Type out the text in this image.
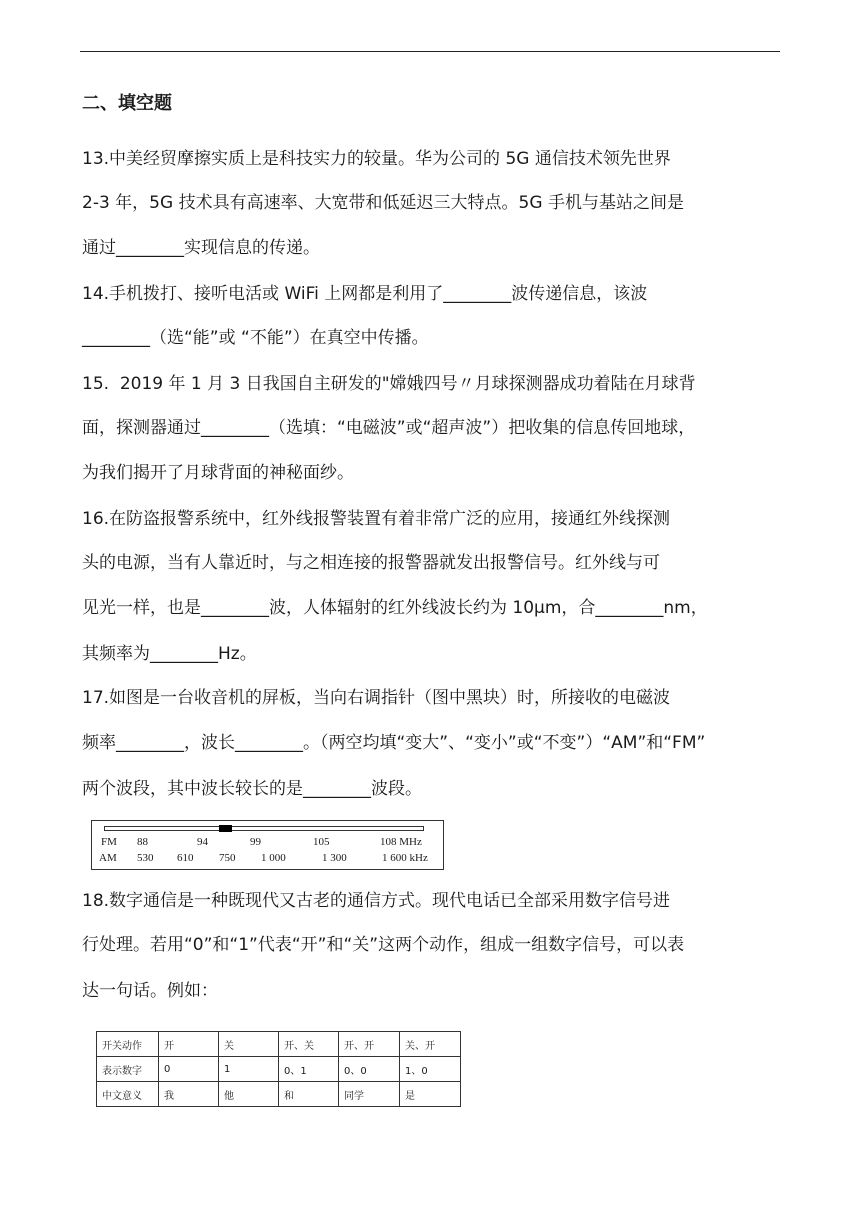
二、填空题
13.中美经贸摩擦实质上是科技实力的较量。华为公司的 5G 通信技术领先世界
2-3 年，5G 技术具有高速率、大宽带和低延迟三大特点。5G 手机与基站之间是
通过________实现信息的传递。
14.手机拨打、接听电活或 WiFi 上网都是利用了________波传递信息，该波
________（选“能”或 “不能”）在真空中传播。
15.  2019 年 1 月 3 日我国自主研发的"嫦娥四号〃月球探测器成功着陆在月球背
面，探测器通过________（选填：“电磁波”或“超声波”）把收集的信息传回地球，
为我们揭开了月球背面的神秘面纱。
16.在防盗报警系统中，红外线报警装置有着非常广泛的应用，接通红外线探测
头的电源，当有人靠近时，与之相连接的报警器就发出报警信号。红外线与可
见光一样，也是________波，人体辐射的红外线波长约为 10μm，合________nm，
其频率为________Hz。
17.如图是一台收音机的屏板，当向右调指针（图中黑块）时，所接收的电磁波
频率________，波长________。（两空均填“变大”、“变小”或“不变”）“AM”和“FM”
两个波段，其中波长较长的是________波段。
FM 88	94	99	105	108 MHz
AM 530 610 750 1 000	1 300	1 600 kHz
18.数字通信是一种既现代又古老的通信方式。现代电话已全部采用数字信号进
行处理。若用“0”和“1”代表“开”和“关”这两个动作，组成一组数字信号，可以表
达一句话。例如：
开关动作	开	关	开、关	开、开	关、开
表示数字	0	1	0、1	0、0	1、0
中文意义	我	他	和	同学	是
